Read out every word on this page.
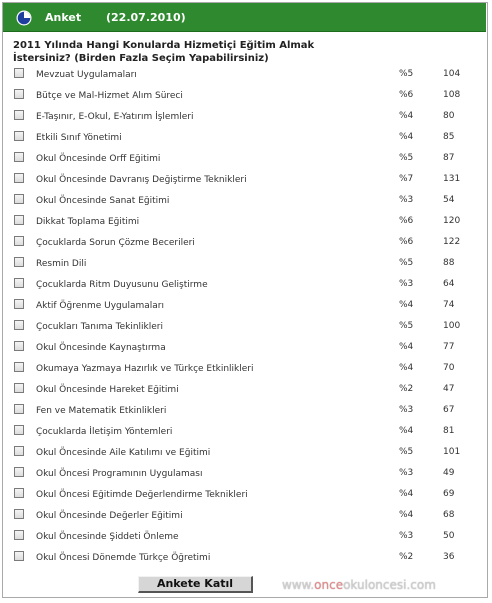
Anket (22.07.2010)
2011 Yılında Hangi Konularda Hizmetiçi Eğitim Almak İstersiniz? (Birden Fazla Seçim Yapabilirsiniz)
Mevzuat Uygulamaları	%5	104
Bütçe ve Mal-Hizmet Alım Süreci	%6	108
E-Taşınır, E-Okul, E-Yatırım İşlemleri	%4	80
Etkili Sınıf Yönetimi	%4	85
Okul Öncesinde Orff Eğitimi	%5	87
Okul Öncesinde Davranış Değiştirme Teknikleri	%7	131
Okul Öncesinde Sanat Eğitimi	%3	54
Dikkat Toplama Eğitimi	%6	120
Çocuklarda Sorun Çözme Becerileri	%6	122
Resmin Dili	%5	88
Çocuklarda Ritm Duyusunu Geliştirme	%3	64
Aktif Öğrenme Uygulamaları	%4	74
Çocukları Tanıma Tekinlikleri	%5	100
Okul Öncesinde Kaynaştırma	%4	77
Okumaya Yazmaya Hazırlık ve Türkçe Etkinlikleri	%4	70
Okul Öncesinde Hareket Eğitimi	%2	47
Fen ve Matematik Etkinlikleri	%3	67
Çocuklarda İletişim Yöntemleri	%4	81
Okul Öncesinde Aile Katılımı ve Eğitimi	%5	101
Okul Öncesi Programının Uygulaması	%3	49
Okul Öncesi Eğitimde Değerlendirme Teknikleri	%4	69
Okul Öncesinde Değerler Eğitimi	%4	68
Okul Öncesinde Şiddeti Önleme	%3	50
Okul Öncesi Dönemde Türkçe Öğretimi	%2	36
Ankete Katıl	www.onceokuloncesi.com
